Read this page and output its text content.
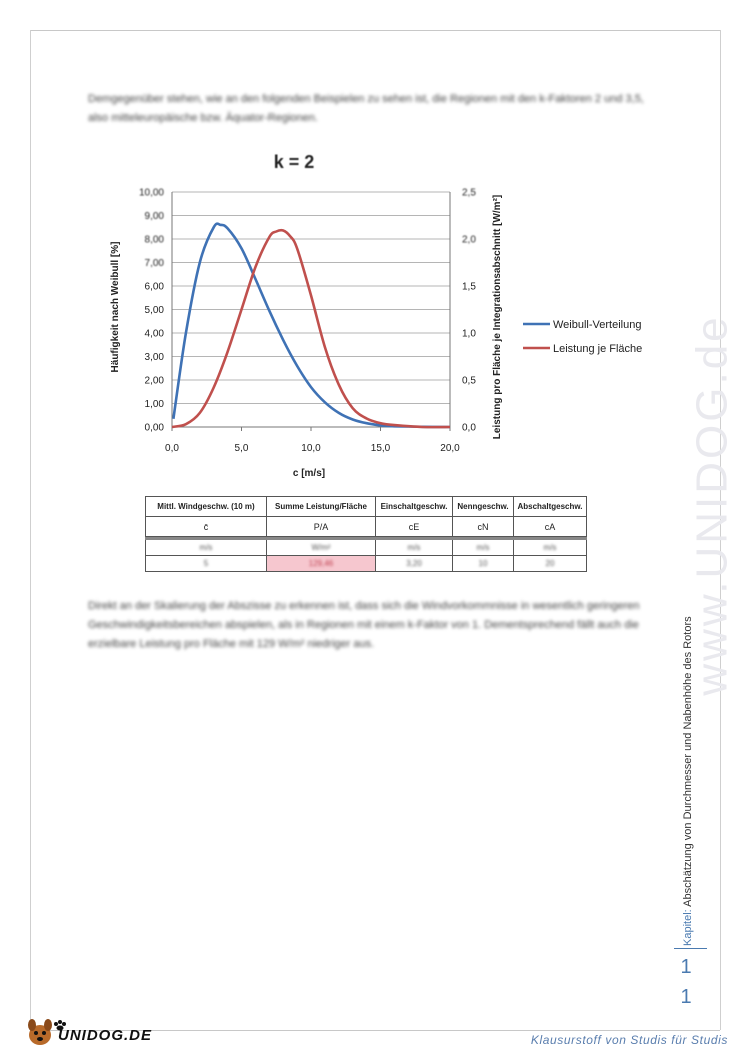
www.UNIDOG.de

Demgegenüber stehen, wie an den folgenden Beispielen zu sehen ist, die Regionen mit den k-Faktoren 2 und 3,5, also mitteleuropäische bzw. Äquator-Regionen.

k = 2
0,00
1,00
2,00
3,00
4,00
5,00
6,00
7,00
8,00
9,00
10,00
0,0
0,5
1,0
1,5
2,0
2,5
0,0	5,0	10,0	15,0	20,0
c [m/s]
Häufigkeit nach Weibull [%]	Leistung pro Fläche je Integrationsabschnitt [W/m²]	Weibull-Verteilung
Leistung je Fläche
Mittl. Windgeschw. (10 m)	Summe Leistung/Fläche	Einschaltgeschw.	Nenngeschw.	Abschaltgeschw.
c̄	P/A	cE	cN	cA

m/s	W/m²	m/s	m/s	m/s
5	129,46	3,20	10	20

Direkt an der Skalierung der Abszisse zu erkennen ist, dass sich die Windvorkommnisse in wesentlich geringeren Geschwindigkeitsbereichen abspielen, als in Regionen mit einem k-Faktor von 1. Dementsprechend fällt auch die erzielbare Leistung pro Fläche mit 129 W/m² niedriger aus.

Kapitel: Abschätzung von Durchmesser und Nabenhöhe des Rotors
1
1
UNIDOG.DE	Klausurstoff von Studis für Studis
